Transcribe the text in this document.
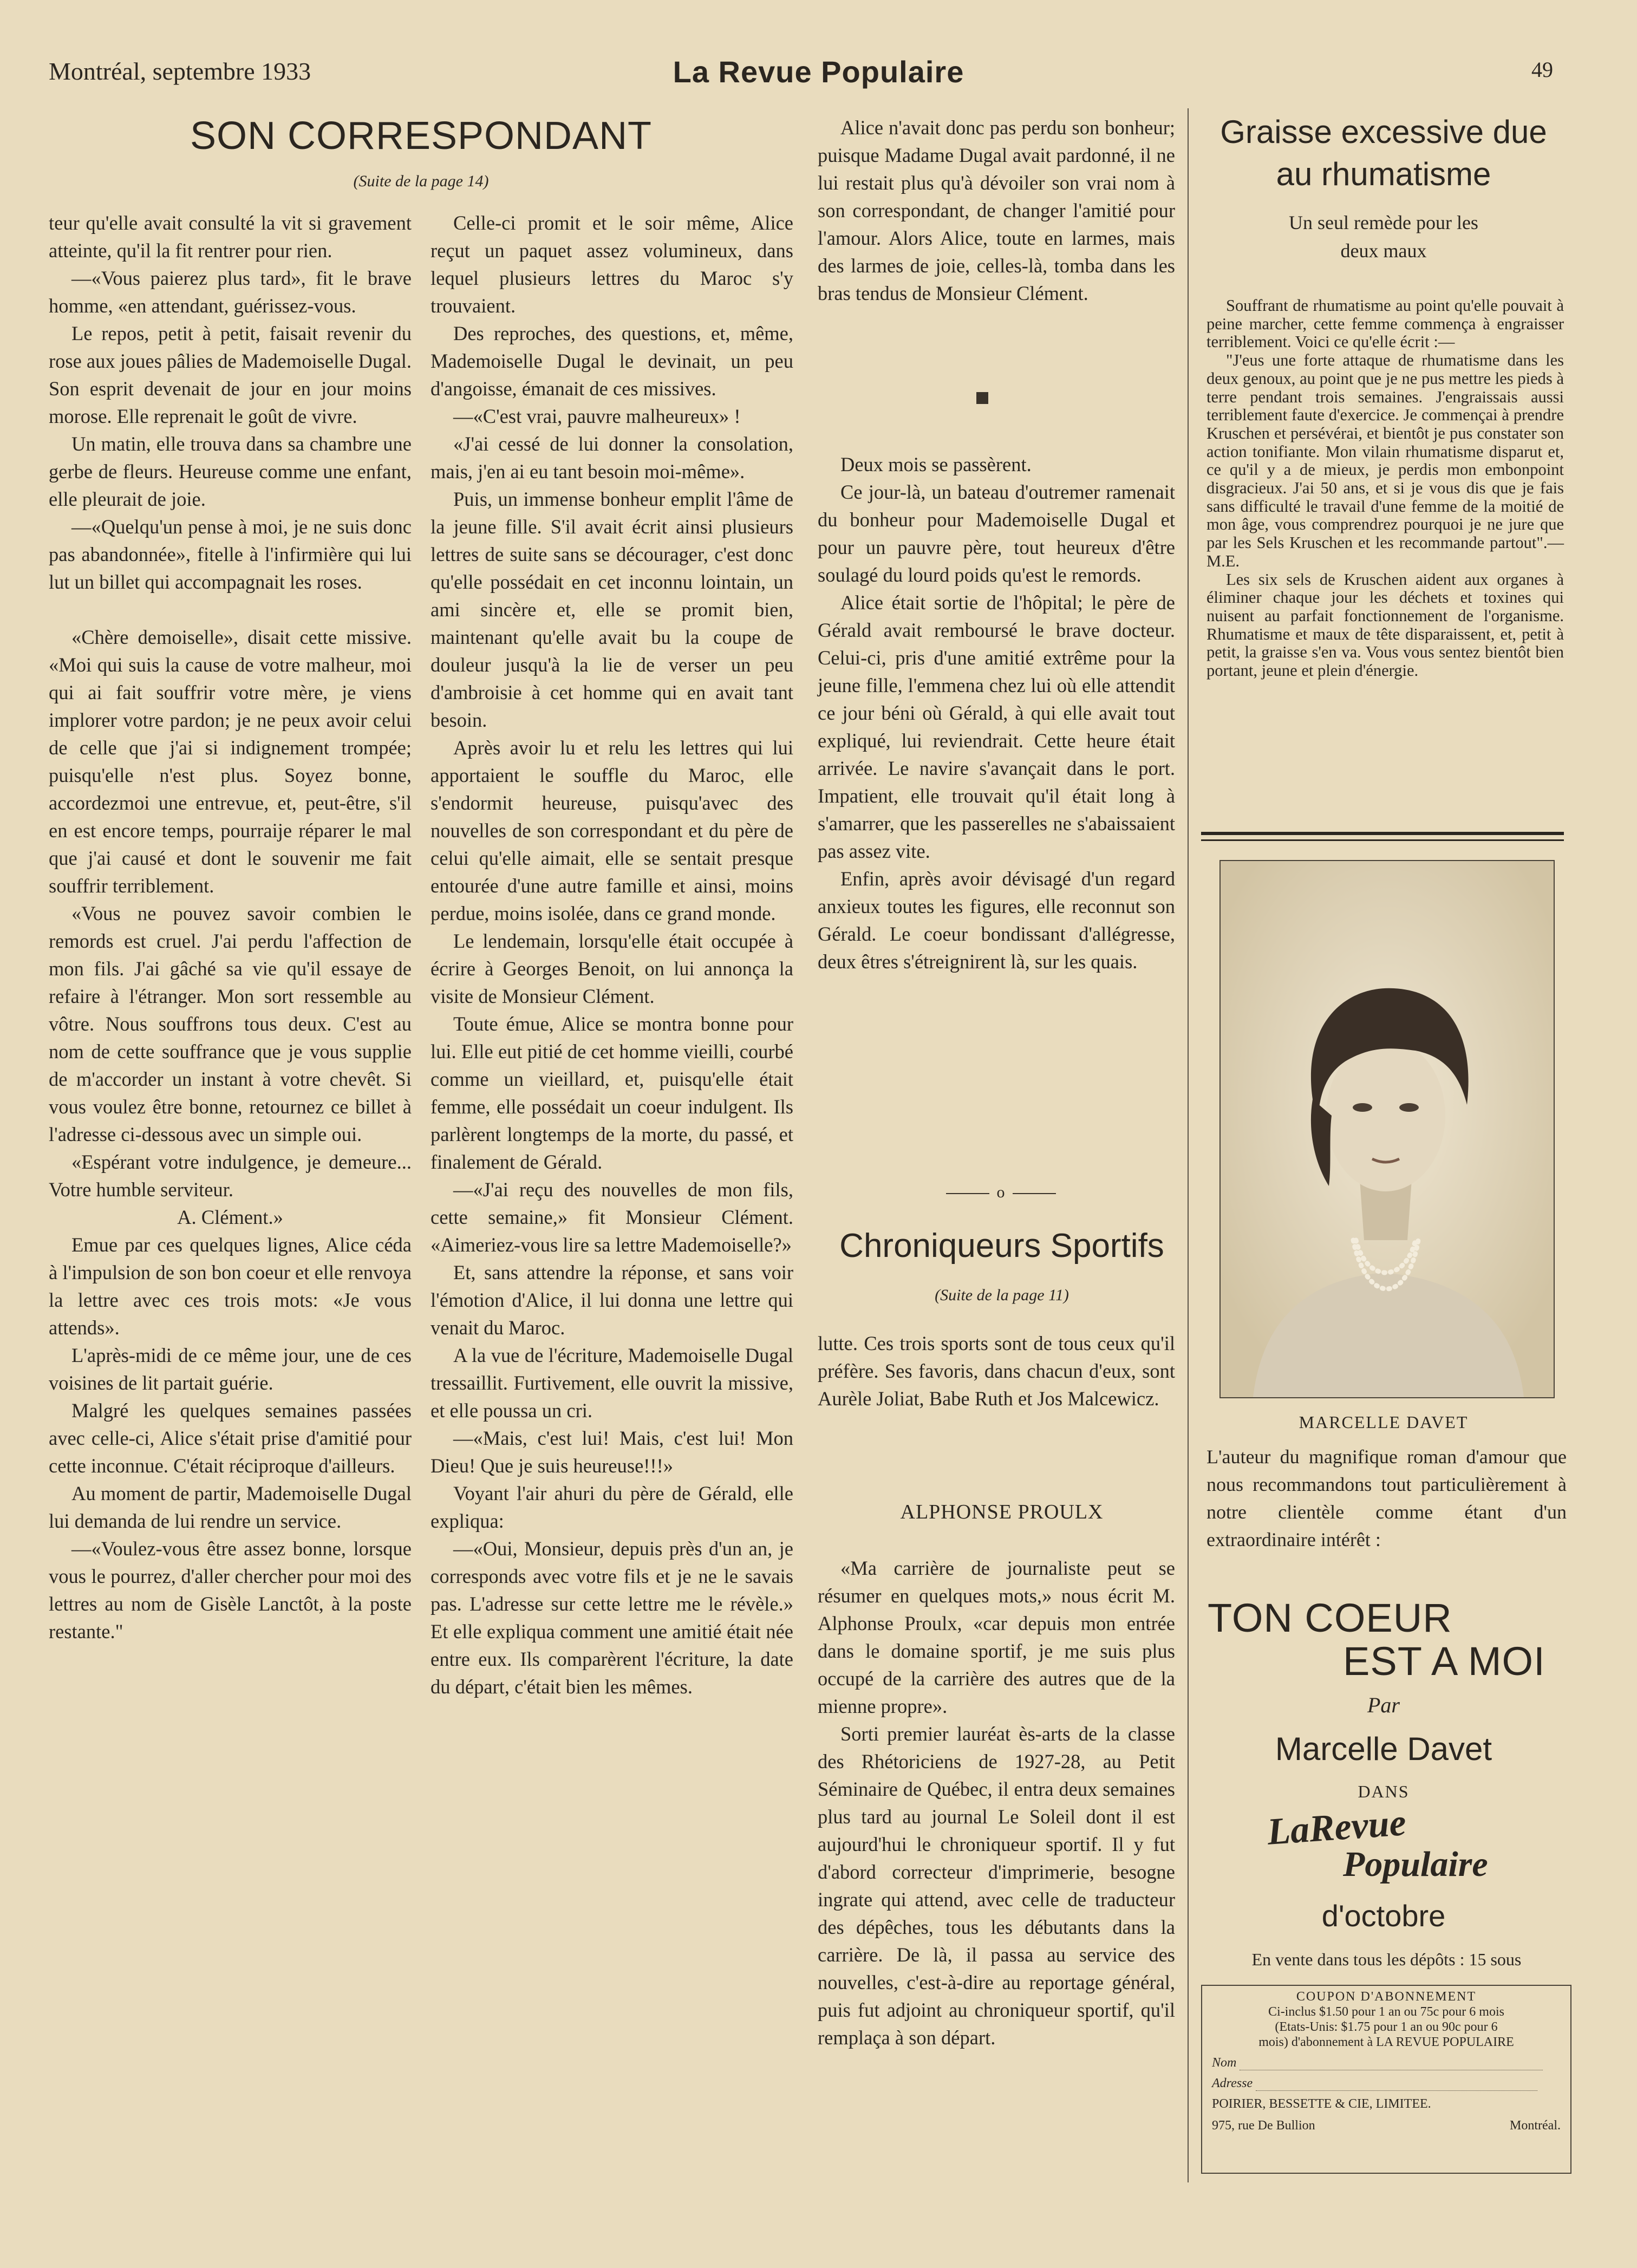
Montréal, septembre 1933	La Revue Populaire	49
SON CORRESPONDANT
(Suite de la page 14)

teur qu'elle avait consulté la vit si gravement atteinte, qu'il la fit rentrer pour rien.

—«Vous paierez plus tard», fit le brave homme, «en attendant, guérissez-vous.

Le repos, petit à petit, faisait revenir du rose aux joues pâlies de Mademoiselle Dugal. Son esprit devenait de jour en jour moins morose. Elle reprenait le goût de vivre.

Un matin, elle trouva dans sa chambre une gerbe de fleurs. Heureuse comme une enfant, elle pleurait de joie.

—«Quelqu'un pense à moi, je ne suis donc pas abandonnée», fitelle à l'infirmière qui lui lut un billet qui accompagnait les roses.

«Chère demoiselle», disait cette missive. «Moi qui suis la cause de votre malheur, moi qui ai fait souffrir votre mère, je viens implorer votre pardon; je ne peux avoir celui de celle que j'ai si indignement trompée; puisqu'elle n'est plus. Soyez bonne, accordezmoi une entrevue, et, peut-être, s'il en est encore temps, pourraije réparer le mal que j'ai causé et dont le souvenir me fait souffrir terriblement.

«Vous ne pouvez savoir combien le remords est cruel. J'ai perdu l'affection de mon fils. J'ai gâché sa vie qu'il essaye de refaire à l'étranger. Mon sort ressemble au vôtre. Nous souffrons tous deux. C'est au nom de cette souffrance que je vous supplie de m'accorder un instant à votre chevêt. Si vous voulez être bonne, retournez ce billet à l'adresse ci-dessous avec un simple oui.

«Espérant votre indulgence, je demeure... Votre humble serviteur.

A. Clément.»

Emue par ces quelques lignes, Alice céda à l'impulsion de son bon coeur et elle renvoya la lettre avec ces trois mots: «Je vous attends».

L'après-midi de ce même jour, une de ces voisines de lit partait guérie.

Malgré les quelques semaines passées avec celle-ci, Alice s'était prise d'amitié pour cette inconnue. C'était réciproque d'ailleurs.

Au moment de partir, Mademoiselle Dugal lui demanda de lui rendre un service.

—«Voulez-vous être assez bonne, lorsque vous le pourrez, d'aller chercher pour moi des lettres au nom de Gisèle Lanctôt, à la poste restante."

Celle-ci promit et le soir même, Alice reçut un paquet assez volumineux, dans lequel plusieurs lettres du Maroc s'y trouvaient.

Des reproches, des questions, et, même, Mademoiselle Dugal le devinait, un peu d'angoisse, émanait de ces missives.

—«C'est vrai, pauvre malheureux» !

«J'ai cessé de lui donner la consolation, mais, j'en ai eu tant besoin moi-même».

Puis, un immense bonheur emplit l'âme de la jeune fille. S'il avait écrit ainsi plusieurs lettres de suite sans se décourager, c'est donc qu'elle possédait en cet inconnu lointain, un ami sincère et, elle se promit bien, maintenant qu'elle avait bu la coupe de douleur jusqu'à la lie de verser un peu d'ambroisie à cet homme qui en avait tant besoin.

Après avoir lu et relu les lettres qui lui apportaient le souffle du Maroc, elle s'endormit heureuse, puisqu'avec des nouvelles de son correspondant et du père de celui qu'elle aimait, elle se sentait presque entourée d'une autre famille et ainsi, moins perdue, moins isolée, dans ce grand monde.

Le lendemain, lorsqu'elle était occupée à écrire à Georges Benoit, on lui annonça la visite de Monsieur Clément.

Toute émue, Alice se montra bonne pour lui. Elle eut pitié de cet homme vieilli, courbé comme un vieillard, et, puisqu'elle était femme, elle possédait un coeur indulgent. Ils parlèrent longtemps de la morte, du passé, et finalement de Gérald.

—«J'ai reçu des nouvelles de mon fils, cette semaine,» fit Monsieur Clément. «Aimeriez-vous lire sa lettre Mademoiselle?»

Et, sans attendre la réponse, et sans voir l'émotion d'Alice, il lui donna une lettre qui venait du Maroc.

A la vue de l'écriture, Mademoiselle Dugal tressaillit. Furtivement, elle ouvrit la missive, et elle poussa un cri.

—«Mais, c'est lui! Mais, c'est lui! Mon Dieu! Que je suis heureuse!!!»

Voyant l'air ahuri du père de Gérald, elle expliqua:

—«Oui, Monsieur, depuis près d'un an, je corresponds avec votre fils et je ne le savais pas. L'adresse sur cette lettre me le révèle.» Et elle expliqua comment une amitié était née entre eux. Ils comparèrent l'écriture, la date du départ, c'était bien les mêmes.

Alice n'avait donc pas perdu son bonheur; puisque Madame Dugal avait pardonné, il ne lui restait plus qu'à dévoiler son vrai nom à son correspondant, de changer l'amitié pour l'amour. Alors Alice, toute en larmes, mais des larmes de joie, celles-là, tomba dans les bras tendus de Monsieur Clément.

Deux mois se passèrent.

Ce jour-là, un bateau d'outremer ramenait du bonheur pour Mademoiselle Dugal et pour un pauvre père, tout heureux d'être soulagé du lourd poids qu'est le remords.

Alice était sortie de l'hôpital; le père de Gérald avait remboursé le brave docteur. Celui-ci, pris d'une amitié extrême pour la jeune fille, l'emmena chez lui où elle attendit ce jour béni où Gérald, à qui elle avait tout expliqué, lui reviendrait. Cette heure était arrivée. Le navire s'avançait dans le port. Impatient, elle trouvait qu'il était long à s'amarrer, que les passerelles ne s'abaissaient pas assez vite.

Enfin, après avoir dévisagé d'un regard anxieux toutes les figures, elle reconnut son Gérald. Le coeur bondissant d'allégresse, deux êtres s'étreignirent là, sur les quais.

o
Chroniqueurs Sportifs
(Suite de la page 11)

lutte. Ces trois sports sont de tous ceux qu'il préfère. Ses favoris, dans chacun d'eux, sont Aurèle Joliat, Babe Ruth et Jos Malcewicz.

ALPHONSE PROULX

«Ma carrière de journaliste peut se résumer en quelques mots,» nous écrit M. Alphonse Proulx, «car depuis mon entrée dans le domaine sportif, je me suis plus occupé de la carrière des autres que de la mienne propre».

Sorti premier lauréat ès-arts de la classe des Rhétoriciens de 1927-28, au Petit Séminaire de Québec, il entra deux semaines plus tard au journal Le Soleil dont il est aujourd'hui le chroniqueur sportif. Il y fut d'abord correcteur d'imprimerie, besogne ingrate qui attend, avec celle de traducteur des dépêches, tous les débutants dans la carrière. De là, il passa au service des nouvelles, c'est-à-dire au reportage général, puis fut adjoint au chroniqueur sportif, qu'il remplaça à son départ.

Graisse excessive due
au rhumatisme
Un seul remède pour les
deux maux

Souffrant de rhumatisme au point qu'elle pouvait à peine marcher, cette femme commença à engraisser terriblement. Voici ce qu'elle écrit :—

"J'eus une forte attaque de rhumatisme dans les deux genoux, au point que je ne pus mettre les pieds à terre pendant trois semaines. J'engraissais aussi terriblement faute d'exercice. Je commençai à prendre Kruschen et persévérai, et bientôt je pus constater son action tonifiante. Mon vilain rhumatisme disparut et, ce qu'il y a de mieux, je perdis mon embonpoint disgracieux. J'ai 50 ans, et si je vous dis que je fais sans difficulté le travail d'une femme de la moitié de mon âge, vous comprendrez pourquoi je ne jure que par les Sels Kruschen et les recommande partout".—M.E.

Les six sels de Kruschen aident aux organes à éliminer chaque jour les déchets et toxines qui nuisent au parfait fonctionnement de l'organisme. Rhumatisme et maux de tête disparaissent, et, petit à petit, la graisse s'en va. Vous vous sentez bientôt bien portant, jeune et plein d'énergie.

MARCELLE DAVET

L'auteur du magnifique roman d'amour que nous recommandons tout particulièrement à notre clientèle comme étant d'un extraordinaire intérêt :

TON COEUR
EST A MOI
Par
Marcelle Davet
DANS
LaRevue
Populaire
d'octobre
En vente dans tous les dépôts : 15 sous
COUPON D'ABONNEMENT
Ci-inclus $1.50 pour 1 an ou 75c pour 6 mois
(Etats-Unis: $1.75 pour 1 an ou 90c pour 6
mois) d'abonnement à LA REVUE POPULAIRE
Nom
Adresse
POIRIER, BESSETTE & CIE, LIMITEE.
975, rue De Bullion	Montréal.
